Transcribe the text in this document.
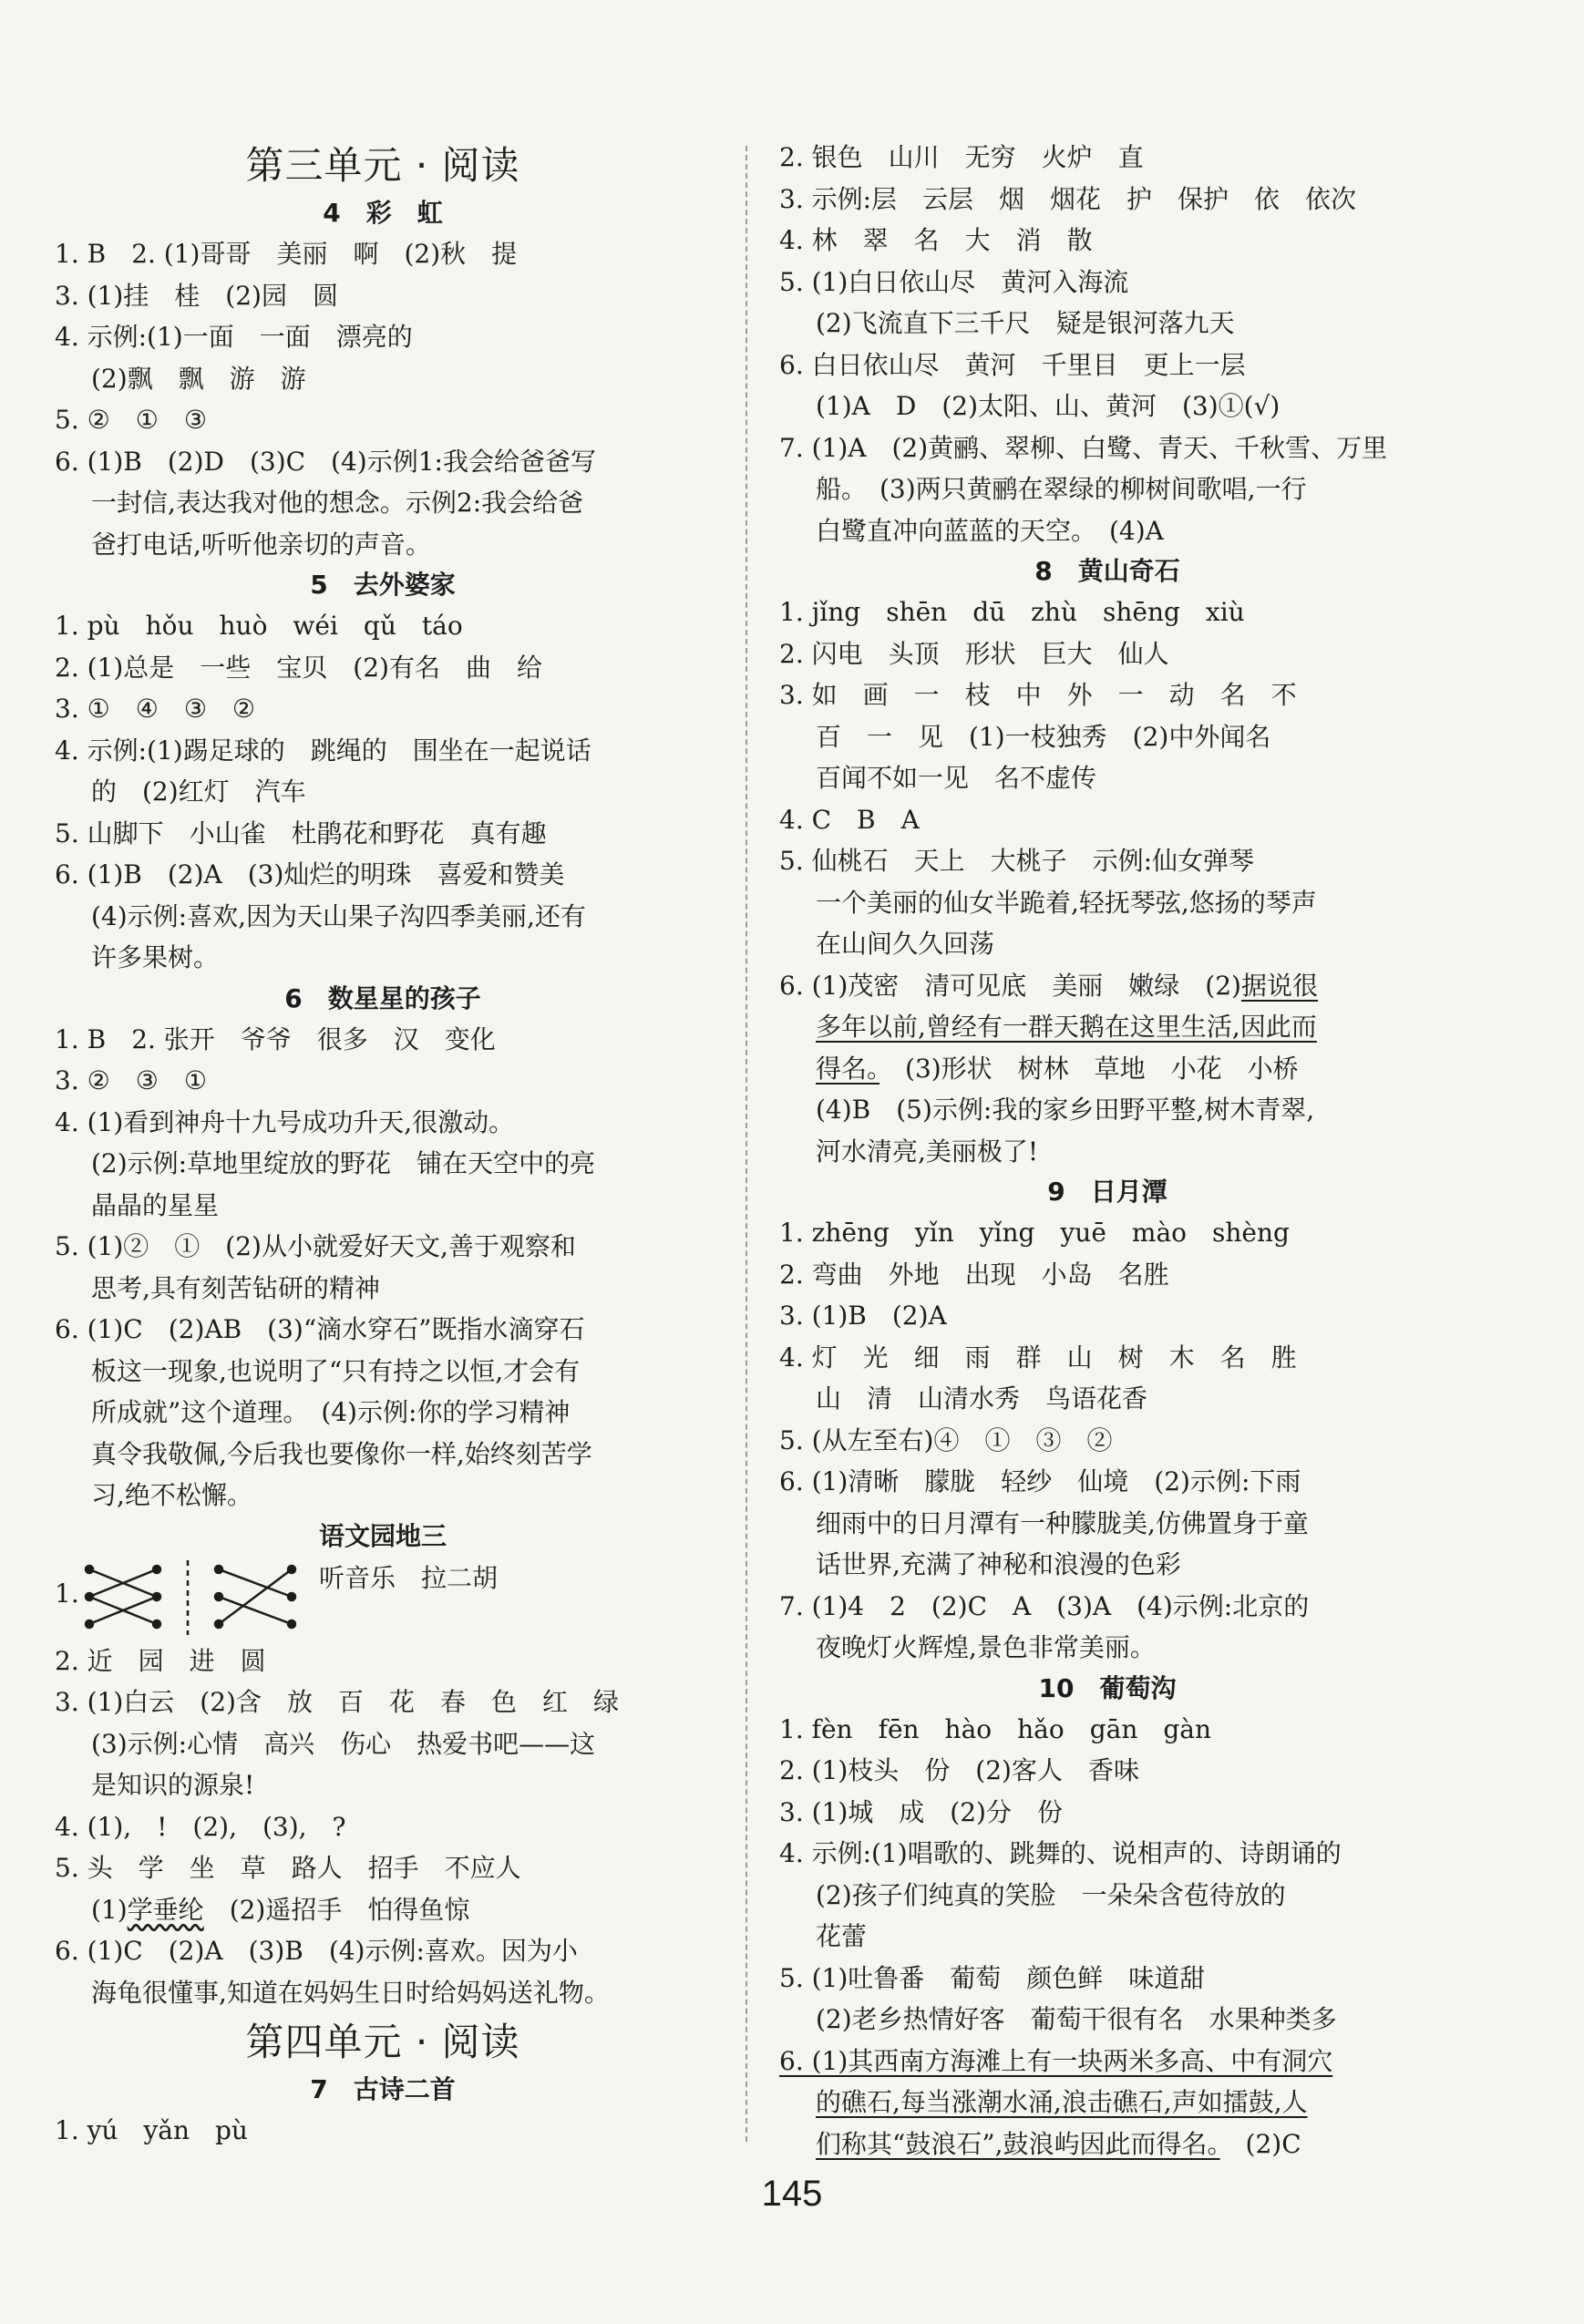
第三单元 · 阅读
4　彩　虹
1. B　2. (1)哥哥　美丽　啊　(2)秋　提
3. (1)挂　桂　(2)园　圆
4. 示例:(1)一面　一面　漂亮的
(2)飘　飘　游　游
5. ②　①　③
6. (1)B　(2)D　(3)C　(4)示例1:我会给爸爸写
一封信,表达我对他的想念。示例2:我会给爸
爸打电话,听听他亲切的声音。
5　去外婆家
1. pù　hǒu　huò　wéi　qǔ　táo
2. (1)总是　一些　宝贝　(2)有名　曲　给
3. ①　④　③　②
4. 示例:(1)踢足球的　跳绳的　围坐在一起说话
的　(2)红灯　汽车
5. 山脚下　小山雀　杜鹃花和野花　真有趣
6. (1)B　(2)A　(3)灿烂的明珠　喜爱和赞美
(4)示例:喜欢,因为天山果子沟四季美丽,还有
许多果树。
6　数星星的孩子
1. B　2. 张开　爷爷　很多　汉　变化
3. ②　③　①
4. (1)看到神舟十九号成功升天,很激动。
(2)示例:草地里绽放的野花　铺在天空中的亮
晶晶的星星
5. (1)②　①　(2)从小就爱好天文,善于观察和
思考,具有刻苦钻研的精神
6. (1)C　(2)AB　(3)“滴水穿石”既指水滴穿石
板这一现象,也说明了“只有持之以恒,才会有
所成就”这个道理。　(4)示例:你的学习精神
真令我敬佩,今后我也要像你一样,始终刻苦学
习,绝不松懈。
语文园地三
1.
听音乐　拉二胡
2. 近　园　进　圆
3. (1)白云　(2)含　放　百　花　春　色　红　绿
(3)示例:心情　高兴　伤心　热爱书吧——这
是知识的源泉!
4. (1),　!　(2),　(3),　?
5. 头　学　坐　草　路人　招手　不应人
(1)学垂纶　(2)遥招手　怕得鱼惊
6. (1)C　(2)A　(3)B　(4)示例:喜欢。因为小
海龟很懂事,知道在妈妈生日时给妈妈送礼物。
第四单元 · 阅读
7　古诗二首
1. yú　yǎn　pù
2. 银色　山川　无穷　火炉　直
3. 示例:层　云层　烟　烟花　护　保护　依　依次
4. 林　翠　名　大　消　散
5. (1)白日依山尽　黄河入海流
(2)飞流直下三千尺　疑是银河落九天
6. 白日依山尽　黄河　千里目　更上一层
(1)A　D　(2)太阳、山、黄河　(3)①(√)
7. (1)A　(2)黄鹂、翠柳、白鹭、青天、千秋雪、万里
船。　(3)两只黄鹂在翠绿的柳树间歌唱,一行
白鹭直冲向蓝蓝的天空。　(4)A
8　黄山奇石
1. jǐng　shēn　dū　zhù　shēng　xiù
2. 闪电　头顶　形状　巨大　仙人
3. 如　画　一　枝　中　外　一　动　名　不
百　一　见　(1)一枝独秀　(2)中外闻名
百闻不如一见　名不虚传
4. C　B　A
5. 仙桃石　天上　大桃子　示例:仙女弹琴
一个美丽的仙女半跪着,轻抚琴弦,悠扬的琴声
在山间久久回荡
6. (1)茂密　清可见底　美丽　嫩绿　(2)据说很
多年以前,曾经有一群天鹅在这里生活,因此而
得名。　(3)形状　树林　草地　小花　小桥
(4)B　(5)示例:我的家乡田野平整,树木青翠,
河水清亮,美丽极了!
9　日月潭
1. zhēng　yǐn　yǐng　yuē　mào　shèng
2. 弯曲　外地　出现　小岛　名胜
3. (1)B　(2)A
4. 灯　光　细　雨　群　山　树　木　名　胜
山　清　山清水秀　鸟语花香
5. (从左至右)④　①　③　②
6. (1)清晰　朦胧　轻纱　仙境　(2)示例:下雨
细雨中的日月潭有一种朦胧美,仿佛置身于童
话世界,充满了神秘和浪漫的色彩
7. (1)4　2　(2)C　A　(3)A　(4)示例:北京的
夜晚灯火辉煌,景色非常美丽。
10　葡萄沟
1. fèn　fēn　hào　hǎo　gān　gàn
2. (1)枝头　份　(2)客人　香味
3. (1)城　成　(2)分　份
4. 示例:(1)唱歌的、跳舞的、说相声的、诗朗诵的
(2)孩子们纯真的笑脸　一朵朵含苞待放的
花蕾
5. (1)吐鲁番　葡萄　颜色鲜　味道甜
(2)老乡热情好客　葡萄干很有名　水果种类多
6. (1)其西南方海滩上有一块两米多高、中有洞穴
的礁石,每当涨潮水涌,浪击礁石,声如擂鼓,人
们称其“鼓浪石”,鼓浪屿因此而得名。　(2)C
145
